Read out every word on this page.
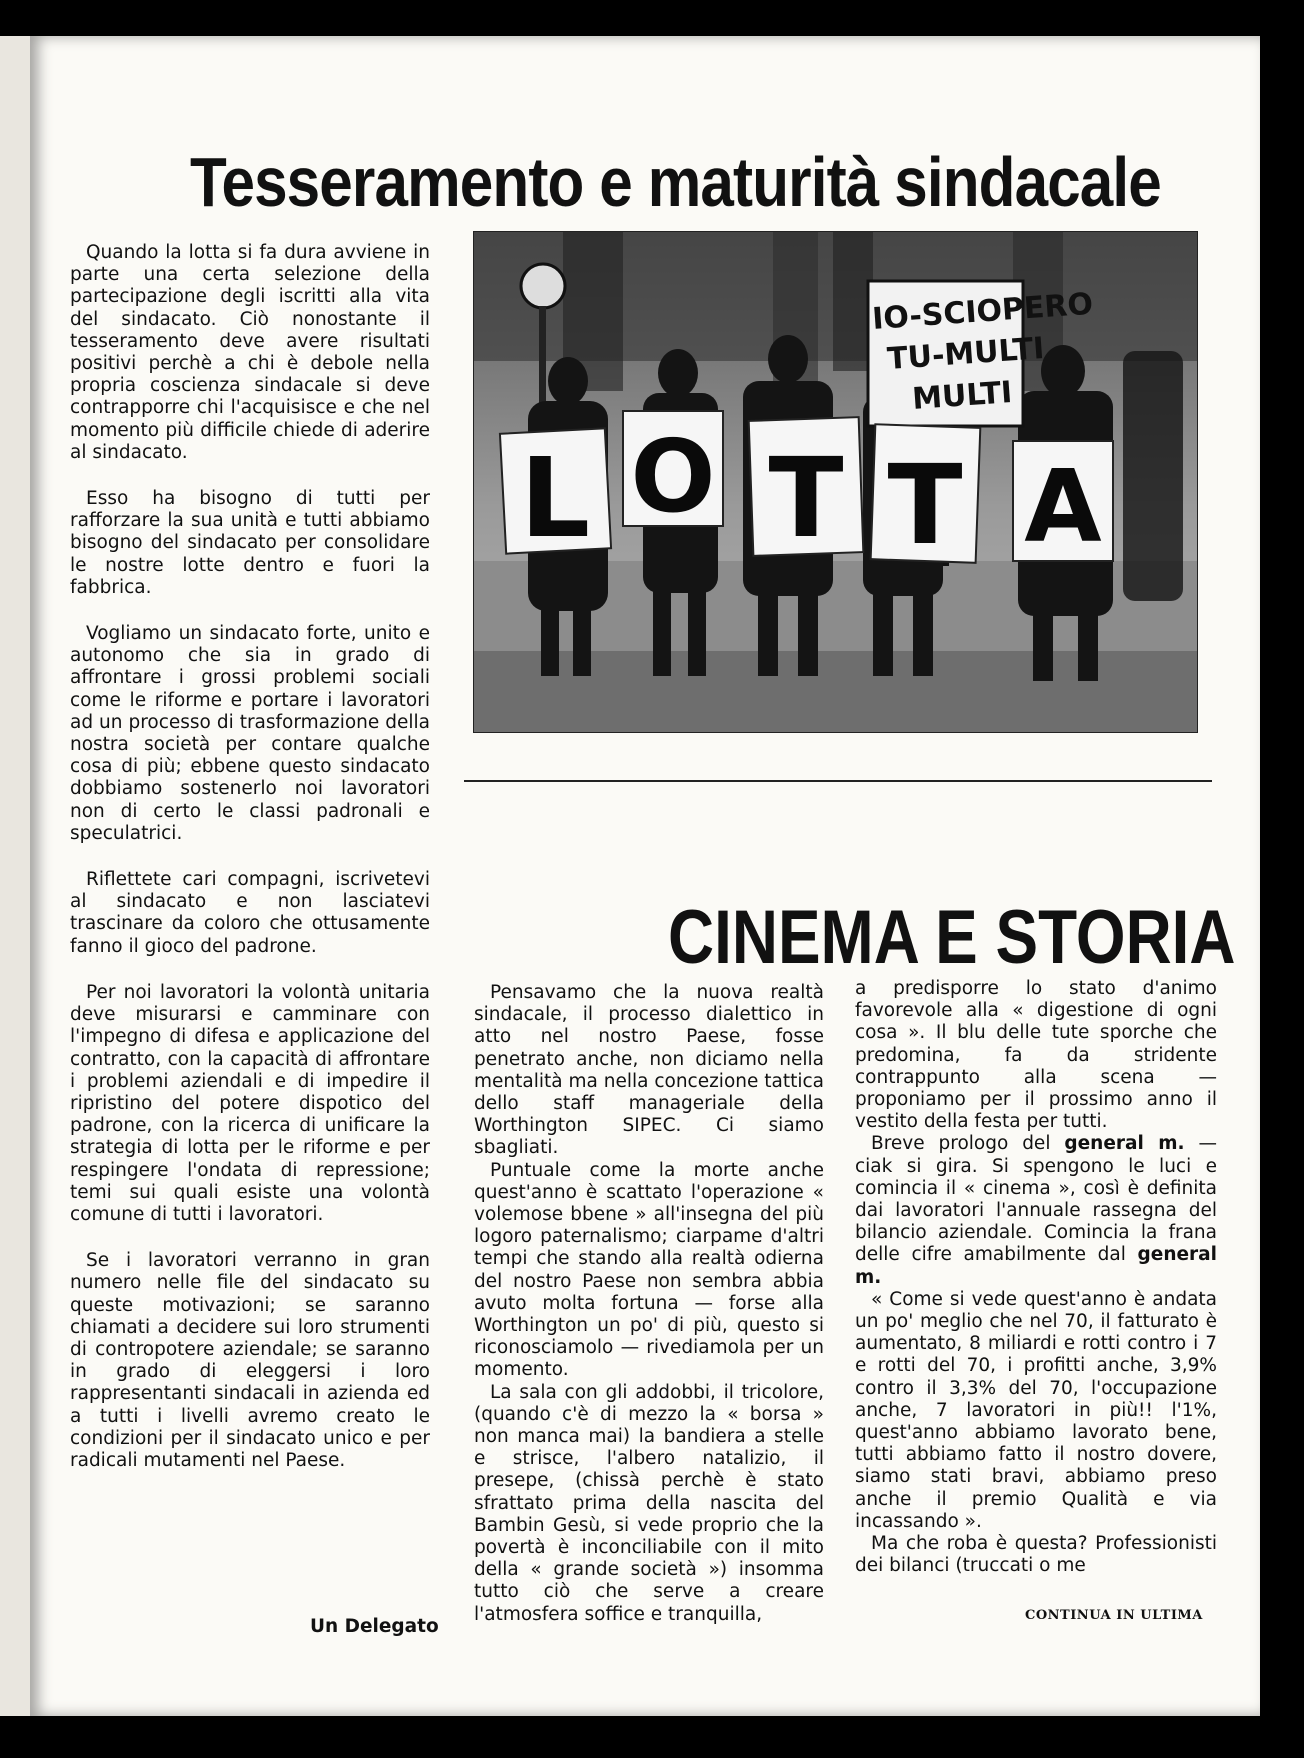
Tesseramento e maturità sindacale

Quando la lotta si fa dura avviene in parte una certa selezione della partecipazione degli iscritti alla vita del sindacato. Ciò nonostante il tesseramento deve avere risultati positivi perchè a chi è debole nella propria coscienza sindacale si deve contrapporre chi l'acquisisce e che nel momento più difficile chiede di aderire al sindacato.

Esso ha bisogno di tutti per rafforzare la sua unità e tutti abbiamo bisogno del sindacato per consolidare le nostre lotte dentro e fuori la fabbrica.

Vogliamo un sindacato forte, unito e autonomo che sia in grado di affrontare i grossi problemi sociali come le riforme e portare i lavoratori ad un processo di trasformazione della nostra società per contare qualche cosa di più; ebbene questo sindacato dobbiamo sostenerlo noi lavoratori non di certo le classi padronali e speculatrici.

Riflettete cari compagni, iscrivetevi al sindacato e non lasciatevi trascinare da coloro che ottusamente fanno il gioco del padrone.

Per noi lavoratori la volontà unitaria deve misurarsi e camminare con l'impegno di difesa e applicazione del contratto, con la capacità di affrontare i problemi aziendali e di impedire il ripristino del potere dispotico del padrone, con la ricerca di unificare la strategia di lotta per le riforme e per respingere l'ondata di repressione; temi sui quali esiste una volontà comune di tutti i lavoratori.

Se i lavoratori verranno in gran numero nelle file del sindacato su queste motivazioni; se saranno chiamati a decidere sui loro strumenti di contropotere aziendale; se saranno in grado di eleggersi i loro rappresentanti sindacali in azienda ed a tutti i livelli avremo creato le condizioni per il sindacato unico e per radicali mutamenti nel Paese.

Un Delegato
IO-SCIOPERO
TU-MULTI
MULTI
L O T T A
CINEMA E STORIA

Pensavamo che la nuova realtà sindacale, il processo dialettico in atto nel nostro Paese, fosse penetrato anche, non diciamo nella mentalità ma nella concezione tattica dello staff manageriale della Worthington SIPEC. Ci siamo sbagliati.

Puntuale come la morte anche quest'anno è scattato l'operazione « volemose bbene » all'insegna del più logoro paternalismo; ciarpame d'altri tempi che stando alla realtà odierna del nostro Paese non sembra abbia avuto molta fortuna — forse alla Worthington un po' di più, questo si riconosciamolo — rivediamola per un momento.

La sala con gli addobbi, il tricolore, (quando c'è di mezzo la « borsa » non manca mai) la bandiera a stelle e strisce, l'albero natalizio, il presepe, (chissà perchè è stato sfrattato prima della nascita del Bambin Gesù, si vede proprio che la povertà è inconciliabile con il mito della « grande società ») insomma tutto ciò che serve a creare l'atmosfera soffice e tranquilla,

a predisporre lo stato d'animo favorevole alla « digestione di ogni cosa ». Il blu delle tute sporche che predomina, fa da stridente contrappunto alla scena — proponiamo per il prossimo anno il vestito della festa per tutti.

Breve prologo del general m. — ciak si gira. Si spengono le luci e comincia il « cinema », così è definita dai lavoratori l'annuale rassegna del bilancio aziendale. Comincia la frana delle cifre amabilmente dal general m.

« Come si vede quest'anno è andata un po' meglio che nel 70, il fatturato è aumentato, 8 miliardi e rotti contro i 7 e rotti del 70, i profitti anche, 3,9% contro il 3,3% del 70, l'occupazione anche, 7 lavoratori in più!! l'1%, quest'anno abbiamo lavorato bene, tutti abbiamo fatto il nostro dovere, siamo stati bravi, abbiamo preso anche il premio Qualità e via incassando ».

Ma che roba è questa? Professionisti dei bilanci (truccati o me

CONTINUA IN ULTIMA
